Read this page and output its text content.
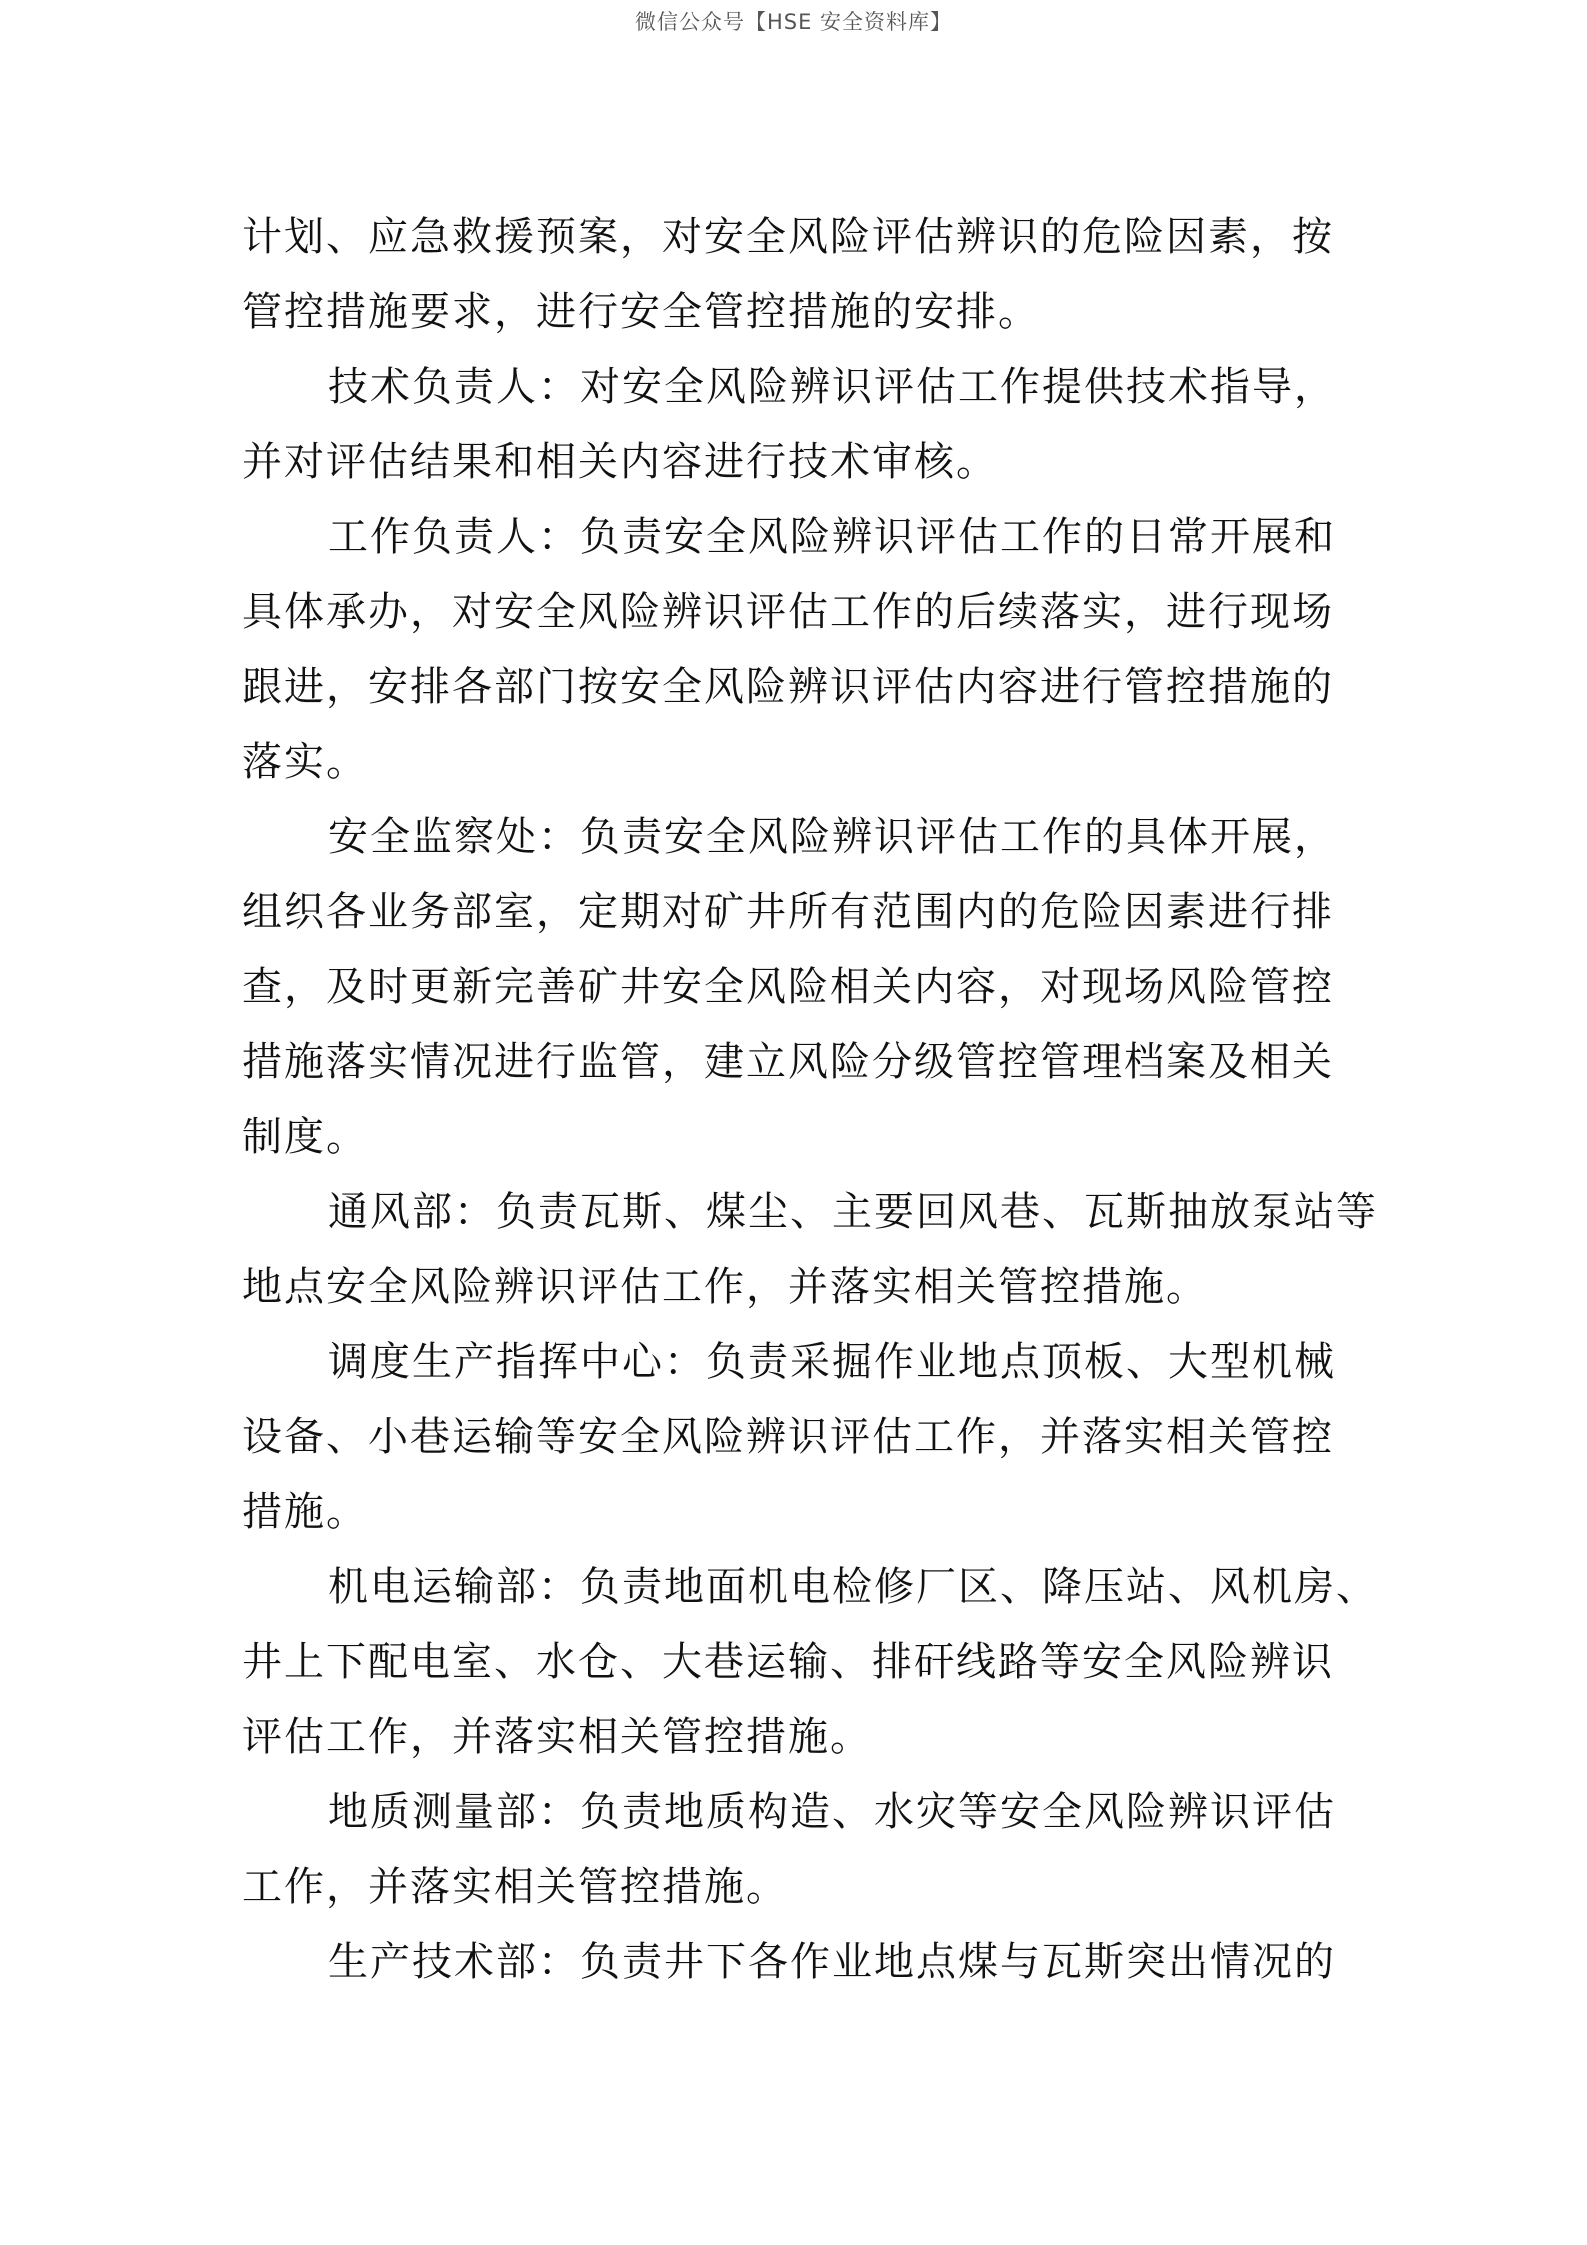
微信公众号【HSE 安全资料库】

计划、应急救援预案，对安全风险评估辨识的危险因素，按
管控措施要求，进行安全管控措施的安排。

技术负责人：对安全风险辨识评估工作提供技术指导，
并对评估结果和相关内容进行技术审核。

工作负责人：负责安全风险辨识评估工作的日常开展和
具体承办，对安全风险辨识评估工作的后续落实，进行现场
跟进，安排各部门按安全风险辨识评估内容进行管控措施的
落实。

安全监察处：负责安全风险辨识评估工作的具体开展，
组织各业务部室，定期对矿井所有范围内的危险因素进行排
查，及时更新完善矿井安全风险相关内容，对现场风险管控
措施落实情况进行监管，建立风险分级管控管理档案及相关
制度。

通风部：负责瓦斯、煤尘、主要回风巷、瓦斯抽放泵站等
地点安全风险辨识评估工作，并落实相关管控措施。

调度生产指挥中心：负责采掘作业地点顶板、大型机械
设备、小巷运输等安全风险辨识评估工作，并落实相关管控
措施。

机电运输部：负责地面机电检修厂区、降压站、风机房、
井上下配电室、水仓、大巷运输、排矸线路等安全风险辨识
评估工作，并落实相关管控措施。

地质测量部：负责地质构造、水灾等安全风险辨识评估
工作，并落实相关管控措施。

生产技术部：负责井下各作业地点煤与瓦斯突出情况的
